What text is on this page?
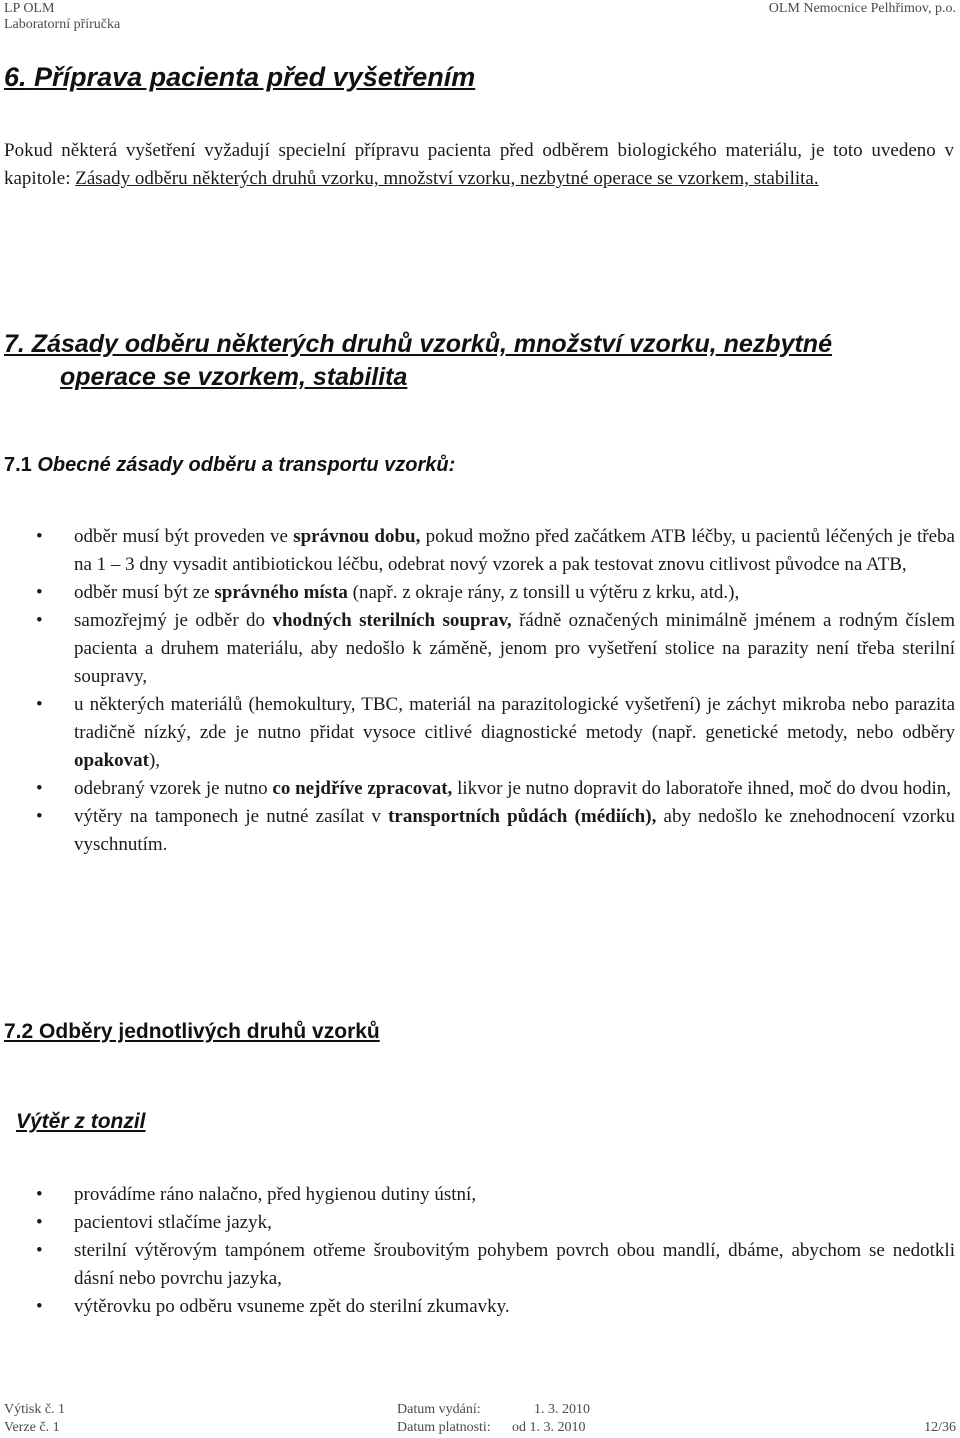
LP OLM
Laboratorní příručka
OLM Nemocnice Pelhřimov, p.o.
6. Příprava pacienta před vyšetřením
Pokud některá vyšetření vyžadují specielní přípravu pacienta před odběrem biologického materiálu, je toto uvedeno v kapitole: Zásady odběru některých druhů vzorku, množství vzorku, nezbytné operace se vzorkem, stabilita.
7. Zásady odběru některých druhů vzorků, množství vzorku, nezbytné
operace se vzorkem, stabilita
7.1 Obecné zásady odběru a transportu vzorků:
• odběr musí být proveden ve správnou dobu, pokud možno před začátkem ATB léčby, u pacientů léčených je třeba na 1 – 3 dny vysadit antibiotickou léčbu, odebrat nový vzorek a pak testovat znovu citlivost původce na ATB,
• odběr musí být ze správného místa (např. z okraje rány, z tonsill u výtěru z krku, atd.),
• samozřejmý je odběr do vhodných sterilních souprav, řádně označených minimálně jménem a rodným číslem pacienta a druhem materiálu, aby nedošlo k záměně, jenom pro vyšetření stolice na parazity není třeba sterilní soupravy,
• u některých materiálů (hemokultury, TBC, materiál na parazitologické vyšetření) je záchyt mikroba nebo parazita tradičně nízký, zde je nutno přidat vysoce citlivé diagnostické metody (např. genetické metody, nebo odběry opakovat),
• odebraný vzorek je nutno co nejdříve zpracovat, likvor je nutno dopravit do laboratoře ihned, moč do dvou hodin,
• výtěry na tamponech je nutné zasílat v transportních půdách (médiích), aby nedošlo ke znehodnocení vzorku vyschnutím.
7.2 Odběry jednotlivých druhů vzorků
Výtěr z tonzil
• provádíme ráno nalačno, před hygienou dutiny ústní,
• pacientovi stlačíme jazyk,
• sterilní výtěrovým tampónem otřeme šroubovitým pohybem povrch obou mandlí, dbáme, abychom se nedotkli dásní nebo povrchu jazyka,
• výtěrovku po odběru vsuneme zpět do sterilní zkumavky.
Výtisk č. 1
Verze č. 1
Datum vydání:	1. 3. 2010
Datum platnosti: od 1. 3. 2010	12/36
